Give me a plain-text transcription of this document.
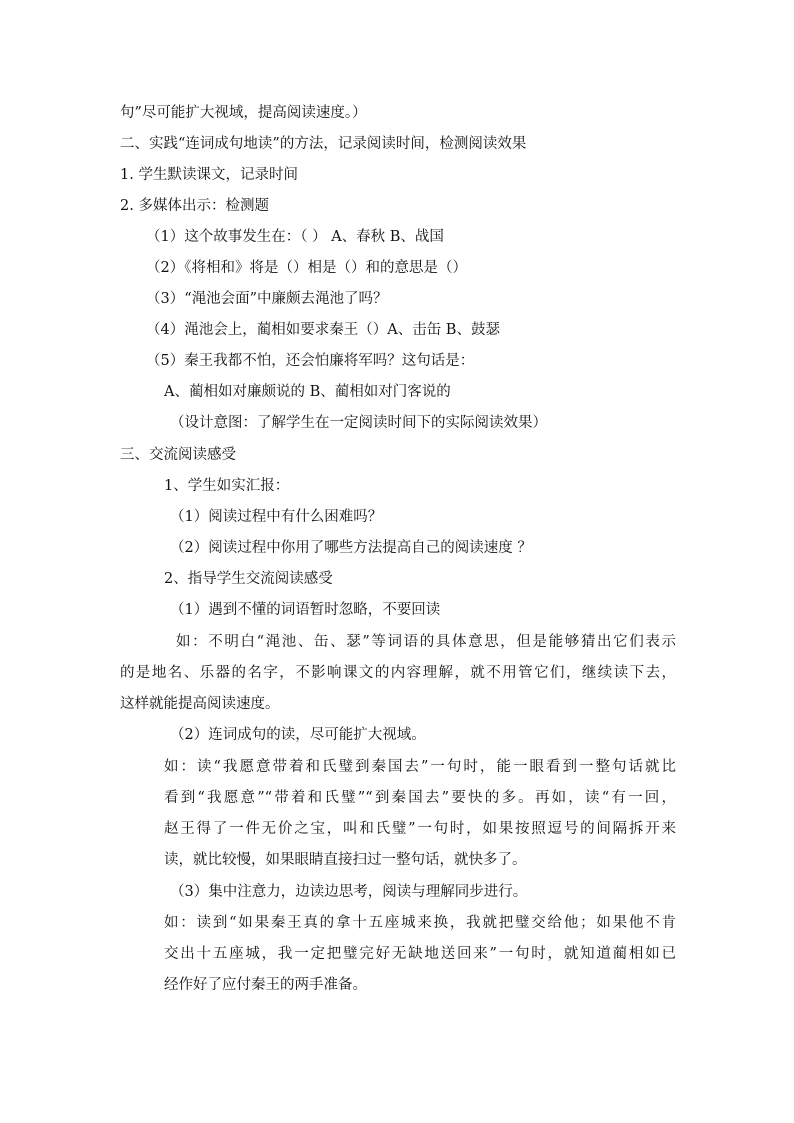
句”尽可能扩大视域，提高阅读速度。）
二、实践“连词成句地读”的方法，记录阅读时间，检测阅读效果
1. 学生默读课文，记录时间
2. 多媒体出示：检测题
（1）这个故事发生在：（ ） A、春秋 B、战国
（2）《将相和》将是（）相是（）和的意思是（）
（3）“渑池会面”中廉颇去渑池了吗？
（4）渑池会上，蔺相如要求秦王（）A、击缶 B、鼓瑟
（5）秦王我都不怕，还会怕廉将军吗？这句话是：
A、蔺相如对廉颇说的 B、蔺相如对门客说的
（设计意图：了解学生在一定阅读时间下的实际阅读效果）
三、交流阅读感受
1、学生如实汇报：
（1）阅读过程中有什么困难吗？
（2）阅读过程中你用了哪些方法提高自己的阅读速度 ？
2、指导学生交流阅读感受
（1）遇到不懂的词语暂时忽略，不要回读
如：不明白“渑池、缶、瑟”等词语的具体意思，但是能够猜出它们表示
的是地名、乐器的名字，不影响课文的内容理解，就不用管它们，继续读下去，
这样就能提高阅读速度。
（2）连词成句的读，尽可能扩大视域。
如：读“我愿意带着和氏璧到秦国去”一句时，能一眼看到一整句话就比
看到“我愿意”“带着和氏璧”“到秦国去”要快的多。再如，读“有一回，
赵王得了一件无价之宝，叫和氏璧”一句时，如果按照逗号的间隔拆开来
读，就比较慢，如果眼睛直接扫过一整句话，就快多了。
（3）集中注意力，边读边思考，阅读与理解同步进行。
如：读到“如果秦王真的拿十五座城来换，我就把璧交给他；如果他不肯
交出十五座城，我一定把璧完好无缺地送回来”一句时，就知道蔺相如已
经作好了应付秦王的两手准备。
